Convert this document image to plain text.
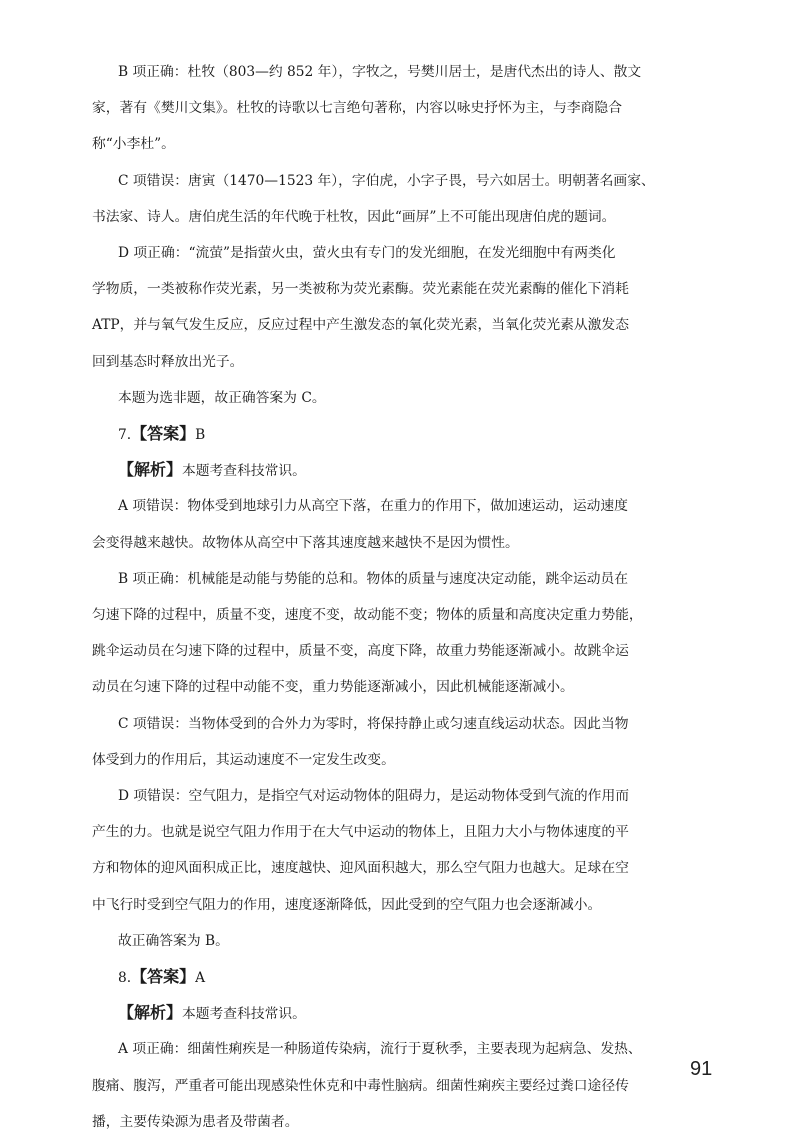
B 项正确：杜牧（803—约 852 年），字牧之，号樊川居士，是唐代杰出的诗人、散文
家，著有《樊川文集》。杜牧的诗歌以七言绝句著称，内容以咏史抒怀为主，与李商隐合
称“小李杜”。
C 项错误：唐寅（1470—1523 年），字伯虎，小字子畏，号六如居士。明朝著名画家、
书法家、诗人。唐伯虎生活的年代晚于杜牧，因此“画屏”上不可能出现唐伯虎的题词。
D 项正确：“流萤”是指萤火虫，萤火虫有专门的发光细胞，在发光细胞中有两类化
学物质，一类被称作荧光素，另一类被称为荧光素酶。荧光素能在荧光素酶的催化下消耗
ATP，并与氧气发生反应，反应过程中产生激发态的氧化荧光素，当氧化荧光素从激发态
回到基态时释放出光子。
本题为选非题，故正确答案为 C。
7.【答案】B
【解析】本题考查科技常识。
A 项错误：物体受到地球引力从高空下落，在重力的作用下，做加速运动，运动速度
会变得越来越快。故物体从高空中下落其速度越来越快不是因为惯性。
B 项正确：机械能是动能与势能的总和。物体的质量与速度决定动能，跳伞运动员在
匀速下降的过程中，质量不变，速度不变，故动能不变；物体的质量和高度决定重力势能，
跳伞运动员在匀速下降的过程中，质量不变，高度下降，故重力势能逐渐减小。故跳伞运
动员在匀速下降的过程中动能不变，重力势能逐渐减小，因此机械能逐渐减小。
C 项错误：当物体受到的合外力为零时，将保持静止或匀速直线运动状态。因此当物
体受到力的作用后，其运动速度不一定发生改变。
D 项错误：空气阻力，是指空气对运动物体的阻碍力，是运动物体受到气流的作用而
产生的力。也就是说空气阻力作用于在大气中运动的物体上，且阻力大小与物体速度的平
方和物体的迎风面积成正比，速度越快、迎风面积越大，那么空气阻力也越大。足球在空
中飞行时受到空气阻力的作用，速度逐渐降低，因此受到的空气阻力也会逐渐减小。
故正确答案为 B。
8.【答案】A
【解析】本题考查科技常识。
A 项正确：细菌性痢疾是一种肠道传染病，流行于夏秋季，主要表现为起病急、发热、
腹痛、腹泻，严重者可能出现感染性休克和中毒性脑病。细菌性痢疾主要经过粪口途径传
播，主要传染源为患者及带菌者。
91
